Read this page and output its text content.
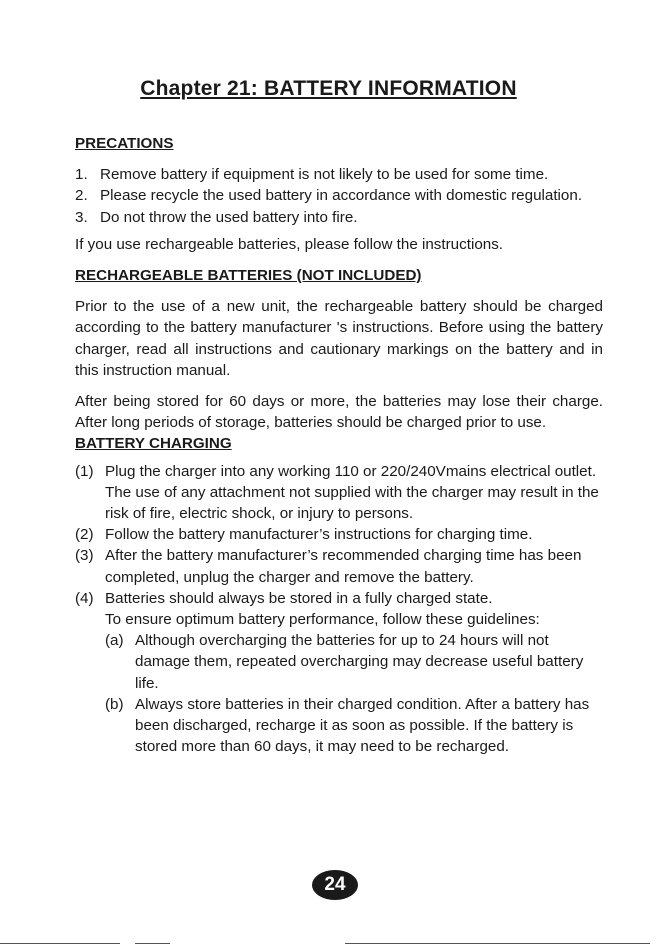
Chapter 21: BATTERY INFORMATION

PRECATIONS

1. Remove battery if equipment is not likely to be used for some time.
2. Please recycle the used battery in accordance with domestic regulation.
3. Do not throw the used battery into fire.

If you use rechargeable batteries, please follow the instructions.

RECHARGEABLE BATTERIES (NOT INCLUDED)

Prior to the use of a new unit, the rechargeable battery should be charged according to the battery manufacturer 's instructions. Before using the battery charger, read all instructions and cautionary markings on the battery and in this instruction manual.

After being stored for 60 days or more, the batteries may lose their charge. After long periods of storage, batteries should be charged prior to use.

BATTERY CHARGING

(1) Plug the charger into any working 110 or 220/240Vmains electrical outlet. The use of any attachment not supplied with the charger may result in the risk of fire, electric shock, or injury to persons.
(2) Follow the battery manufacturer’s instructions for charging time.
(3) After the battery manufacturer’s recommended charging time has been completed, unplug the charger and remove the battery.
(4) Batteries should always be stored in a fully charged state.
To ensure optimum battery performance, follow these guidelines:
(a) Although overcharging the batteries for up to 24 hours will not damage them, repeated overcharging may decrease useful battery life.
(b) Always store batteries in their charged condition. After a battery has been discharged, recharge it as soon as possible. If the battery is stored more than 60 days, it may need to be recharged.
24
